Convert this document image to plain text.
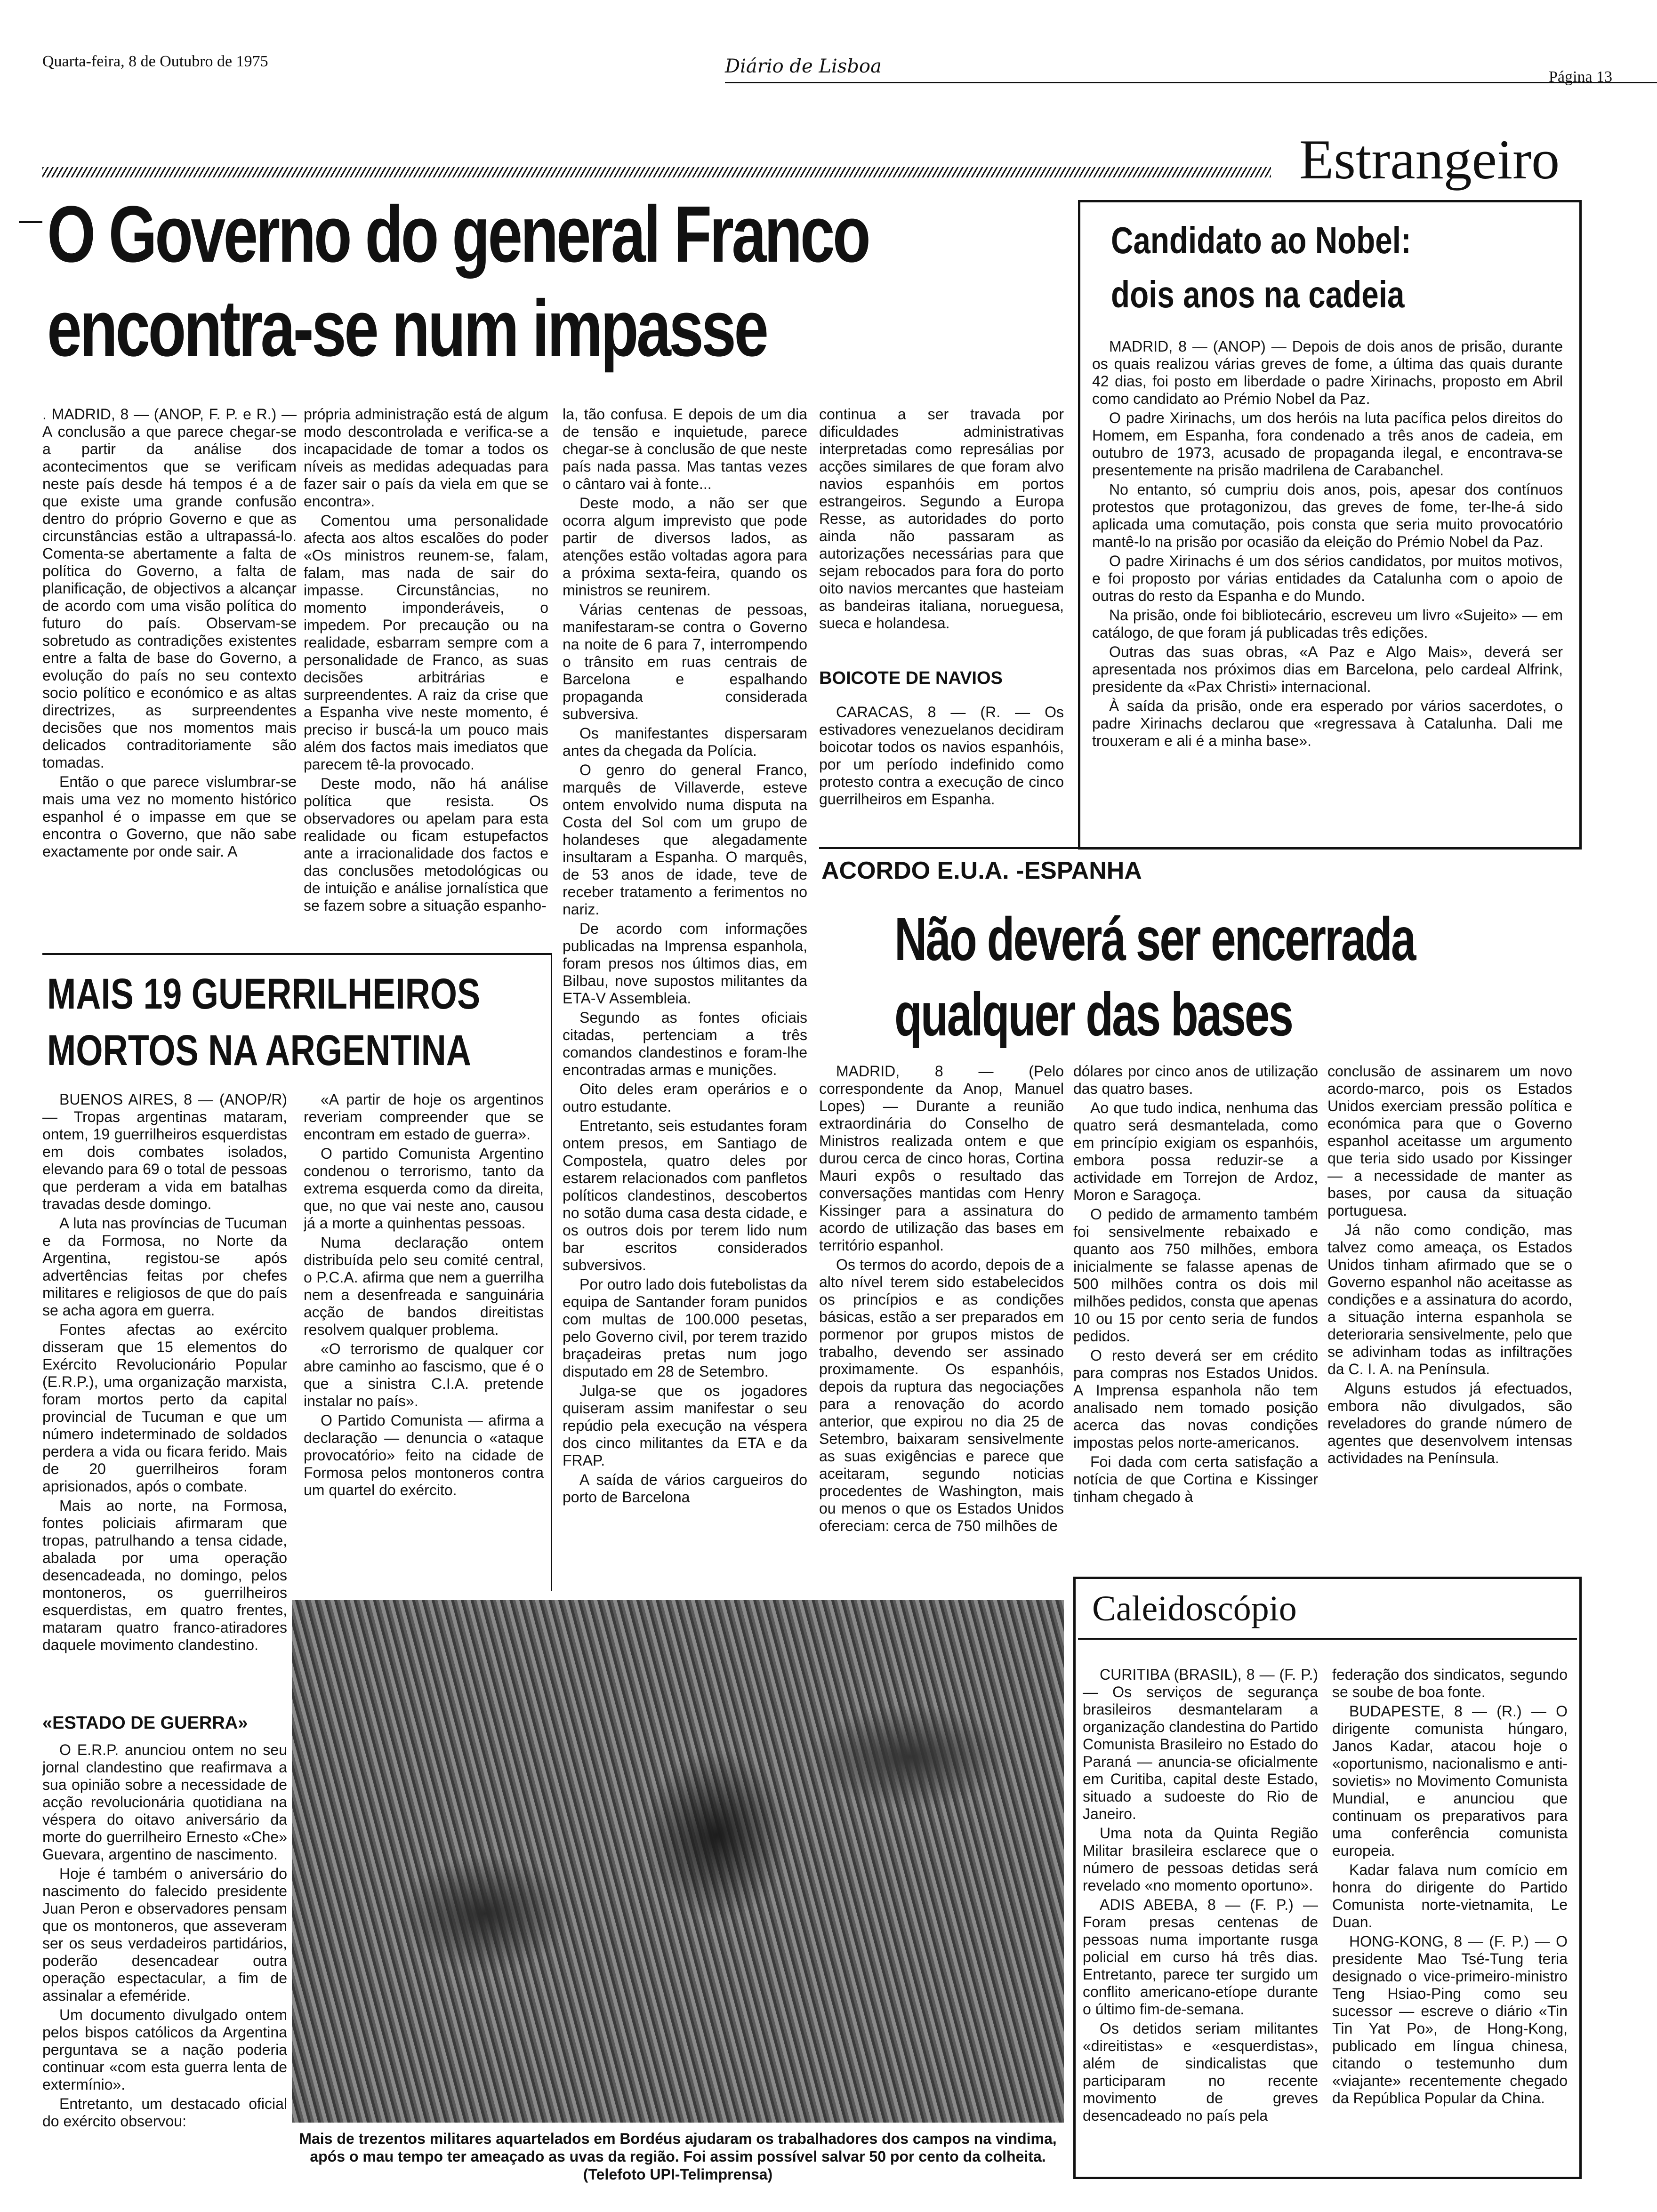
Quarta-feira, 8 de Outubro de 1975	Diário de Lisboa	Página 13
Estrangeiro
O Governo do general Franco
encontra-se num impasse

. MADRID, 8 — (ANOP, F. P. e R.) — A conclusão a que parece chegar-se a partir da análise dos acontecimentos que se verificam neste país desde há tempos é a de que existe uma grande confusão dentro do próprio Governo e que as circunstâncias estão a ultrapassá-lo. Comenta-se abertamente a falta de política do Governo, a falta de planificação, de objectivos a alcançar de acordo com uma visão política do futuro do país. Observam-se sobretudo as contradições existentes entre a falta de base do Governo, a evolução do país no seu contexto socio político e económico e as altas directrizes, as surpreendentes decisões que nos momentos mais delicados contraditoriamente são tomadas.

Então o que parece vislumbrar-se mais uma vez no momento histórico espanhol é o impasse em que se encontra o Governo, que não sabe exactamente por onde sair. A

própria administração está de algum modo descontrolada e verifica-se a incapacidade de tomar a todos os níveis as medidas adequadas para fazer sair o país da viela em que se encontra».

Comentou uma personalidade afecta aos altos escalões do poder «Os ministros reunem-se, falam, falam, mas nada de sair do impasse. Circunstâncias, no momento imponderáveis, o impedem. Por precaução ou na realidade, esbarram sempre com a personalidade de Franco, as suas decisões arbitrárias e surpreendentes. A raiz da crise que a Espanha vive neste momento, é preciso ir buscá-la um pouco mais além dos factos mais imediatos que parecem tê-la provocado.

Deste modo, não há análise política que resista. Os observadores ou apelam para esta realidade ou ficam estupefactos ante a irracionalidade dos factos e das conclusões metodológicas ou de intuição e análise jornalística que se fazem sobre a situação espanho-

la, tão confusa. E depois de um dia de tensão e inquietude, parece chegar-se à conclusão de que neste país nada passa. Mas tantas vezes o cântaro vai à fonte...

Deste modo, a não ser que ocorra algum imprevisto que pode partir de diversos lados, as atenções estão voltadas agora para a próxima sexta-feira, quando os ministros se reunirem.

Várias centenas de pessoas, manifestaram-se contra o Governo na noite de 6 para 7, interrompendo o trânsito em ruas centrais de Barcelona e espalhando propaganda considerada subversiva.

Os manifestantes dispersaram antes da chegada da Polícia.

O genro do general Franco, marquês de Villaverde, esteve ontem envolvido numa disputa na Costa del Sol com um grupo de holandeses que alegadamente insultaram a Espanha. O marquês, de 53 anos de idade, teve de receber tratamento a ferimentos no nariz.

De acordo com informações publicadas na Imprensa espanhola, foram presos nos últimos dias, em Bilbau, nove supostos militantes da ETA-V Assembleia.

Segundo as fontes oficiais citadas, pertenciam a três comandos clandestinos e foram-lhe encontradas armas e munições.

Oito deles eram operários e o outro estudante.

Entretanto, seis estudantes foram ontem presos, em Santiago de Compostela, quatro deles por estarem relacionados com panfletos políticos clandestinos, descobertos no sotão duma casa desta cidade, e os outros dois por terem lido num bar escritos considerados subversivos.

Por outro lado dois futebolistas da equipa de Santander foram punidos com multas de 100.000 pesetas, pelo Governo civil, por terem trazido braçadeiras pretas num jogo disputado em 28 de Setembro.

Julga-se que os jogadores quiseram assim manifestar o seu repúdio pela execução na véspera dos cinco militantes da ETA e da FRAP.

A saída de vários cargueiros do porto de Barcelona

continua a ser travada por dificuldades administrativas interpretadas como represálias por acções similares de que foram alvo navios espanhóis em portos estrangeiros. Segundo a Europa Resse, as autoridades do porto ainda não passaram as autorizações necessárias para que sejam rebocados para fora do porto oito navios mercantes que hasteiam as bandeiras italiana, norueguesa, sueca e holandesa.

BOICOTE DE NAVIOS

CARACAS, 8 — (R. — Os estivadores venezuelanos decidiram boicotar todos os navios espanhóis, por um período indefinido como protesto contra a execução de cinco guerrilheiros em Espanha.

Candidato ao Nobel:
dois anos na cadeia

MADRID, 8 — (ANOP) — Depois de dois anos de prisão, durante os quais realizou várias greves de fome, a última das quais durante 42 dias, foi posto em liberdade o padre Xirinachs, proposto em Abril como candidato ao Prémio Nobel da Paz.

O padre Xirinachs, um dos heróis na luta pacífica pelos direitos do Homem, em Espanha, fora condenado a três anos de cadeia, em outubro de 1973, acusado de propaganda ilegal, e encontrava-se presentemente na prisão madrilena de Carabanchel.

No entanto, só cumpriu dois anos, pois, apesar dos contínuos protestos que protagonizou, das greves de fome, ter-lhe-á sido aplicada uma comutação, pois consta que seria muito provocatório mantê-lo na prisão por ocasião da eleição do Prémio Nobel da Paz.

O padre Xirinachs é um dos sérios candidatos, por muitos motivos, e foi proposto por várias entidades da Catalunha com o apoio de outras do resto da Espanha e do Mundo.

Na prisão, onde foi bibliotecário, escreveu um livro «Sujeito» — em catálogo, de que foram já publicadas três edições.

Outras das suas obras, «A Paz e Algo Mais», deverá ser apresentada nos próximos dias em Barcelona, pelo cardeal Alfrink, presidente da «Pax Christi» internacional.

À saída da prisão, onde era esperado por vários sacerdotes, o padre Xirinachs declarou que «regressava à Catalunha. Dali me trouxeram e ali é a minha base».

ACORDO E.U.A. -ESPANHA
Não deverá ser encerrada
qualquer das bases

MADRID, 8 — (Pelo correspondente da Anop, Manuel Lopes) — Durante a reunião extraordinária do Conselho de Ministros realizada ontem e que durou cerca de cinco horas, Cortina Mauri expôs o resultado das conversações mantidas com Henry Kissinger para a assinatura do acordo de utilização das bases em território espanhol.

Os termos do acordo, depois de a alto nível terem sido estabelecidos os princípios e as condições básicas, estão a ser preparados em pormenor por grupos mistos de trabalho, devendo ser assinado proximamente. Os espanhóis, depois da ruptura das negociações para a renovação do acordo anterior, que expirou no dia 25 de Setembro, baixaram sensivelmente as suas exigências e parece que aceitaram, segundo noticias procedentes de Washington, mais ou menos o que os Estados Unidos ofereciam: cerca de 750 milhões de

dólares por cinco anos de utilização das quatro bases.

Ao que tudo indica, nenhuma das quatro será desmantelada, como em princípio exigiam os espanhóis, embora possa reduzir-se a actividade em Torrejon de Ardoz, Moron e Saragoça.

O pedido de armamento também foi sensivelmente rebaixado e quanto aos 750 milhões, embora inicialmente se falasse apenas de 500 milhões contra os dois mil milhões pedidos, consta que apenas 10 ou 15 por cento seria de fundos pedidos.

O resto deverá ser em crédito para compras nos Estados Unidos. A Imprensa espanhola não tem analisado nem tomado posição acerca das novas condições impostas pelos norte-americanos.

Foi dada com certa satisfação a notícia de que Cortina e Kissinger tinham chegado à

conclusão de assinarem um novo acordo-marco, pois os Estados Unidos exerciam pressão política e económica para que o Governo espanhol aceitasse um argumento que teria sido usado por Kissinger — a necessidade de manter as bases, por causa da situação portuguesa.

Já não como condição, mas talvez como ameaça, os Estados Unidos tinham afirmado que se o Governo espanhol não aceitasse as condições e a assinatura do acordo, a situação interna espanhola se deterioraria sensivelmente, pelo que se adivinham todas as infiltrações da C. I. A. na Península.

Alguns estudos já efectuados, embora não divulgados, são reveladores do grande número de agentes que desenvolvem intensas actividades na Península.

MAIS 19 GUERRILHEIROS
MORTOS NA ARGENTINA

BUENOS AIRES, 8 — (ANOP/R) — Tropas argentinas mataram, ontem, 19 guerrilheiros esquerdistas em dois combates isolados, elevando para 69 o total de pessoas que perderam a vida em batalhas travadas desde domingo.

A luta nas províncias de Tucuman e da Formosa, no Norte da Argentina, registou-se após advertências feitas por chefes militares e religiosos de que do país se acha agora em guerra.

Fontes afectas ao exército disseram que 15 elementos do Exército Revolucionário Popular (E.R.P.), uma organização marxista, foram mortos perto da capital provincial de Tucuman e que um número indeterminado de soldados perdera a vida ou ficara ferido. Mais de 20 guerrilheiros foram aprisionados, após o combate.

Mais ao norte, na Formosa, fontes policiais afirmaram que tropas, patrulhando a tensa cidade, abalada por uma operação desencadeada, no domingo, pelos montoneros, os guerrilheiros esquerdistas, em quatro frentes, mataram quatro franco-atiradores daquele movimento clandestino.

«ESTADO DE GUERRA»

O E.R.P. anunciou ontem no seu jornal clandestino que reafirmava a sua opinião sobre a necessidade de acção revolucionária quotidiana na véspera do oitavo aniversário da morte do guerrilheiro Ernesto «Che» Guevara, argentino de nascimento.

Hoje é também o aniversário do nascimento do falecido presidente Juan Peron e observadores pensam que os montoneros, que asseveram ser os seus verdadeiros partidários, poderão desencadear outra operação espectacular, a fim de assinalar a efeméride.

Um documento divulgado ontem pelos bispos católicos da Argentina perguntava se a nação poderia continuar «com esta guerra lenta de extermínio».

Entretanto, um destacado oficial do exército observou:

«A partir de hoje os argentinos reveriam compreender que se encontram em estado de guerra».

O partido Comunista Argentino condenou o terrorismo, tanto da extrema esquerda como da direita, que, no que vai neste ano, causou já a morte a quinhentas pessoas.

Numa declaração ontem distribuída pelo seu comité central, o P.C.A. afirma que nem a guerrilha nem a desenfreada e sanguinária acção de bandos direitistas resolvem qualquer problema.

«O terrorismo de qualquer cor abre caminho ao fascismo, que é o que a sinistra C.I.A. pretende instalar no país».

O Partido Comunista — afirma a declaração — denuncia o «ataque provocatório» feito na cidade de Formosa pelos montoneros contra um quartel do exército.

Mais de trezentos militares aquartelados em Bordéus ajudaram os trabalhadores dos campos na vindima, após o mau tempo ter ameaçado as uvas da região. Foi assim possível salvar 50 por cento da colheita. (Telefoto UPI-Telimprensa)
Caleidoscópio

CURITIBA (BRASIL), 8 — (F. P.) — Os serviços de segurança brasileiros desmantelaram a organização clandestina do Partido Comunista Brasileiro no Estado do Paraná — anuncia-se oficialmente em Curitiba, capital deste Estado, situado a sudoeste do Rio de Janeiro.

Uma nota da Quinta Região Militar brasileira esclarece que o número de pessoas detidas será revelado «no momento oportuno».

ADIS ABEBA, 8 — (F. P.) — Foram presas centenas de pessoas numa importante rusga policial em curso há três dias. Entretanto, parece ter surgido um conflito americano-etíope durante o último fim-de-semana.

Os detidos seriam militantes «direitistas» e «esquerdistas», além de sindicalistas que participaram no recente movimento de greves desencadeado no país pela

federação dos sindicatos, segundo se soube de boa fonte.

BUDAPESTE, 8 — (R.) — O dirigente comunista húngaro, Janos Kadar, atacou hoje o «oportunismo, nacionalismo e anti-sovietis» no Movimento Comunista Mundial, e anunciou que continuam os preparativos para uma conferência comunista europeia.

Kadar falava num comício em honra do dirigente do Partido Comunista norte-vietnamita, Le Duan.

HONG-KONG, 8 — (F. P.) — O presidente Mao Tsé-Tung teria designado o vice-primeiro-ministro Teng Hsiao-Ping como seu sucessor — escreve o diário «Tin Tin Yat Po», de Hong-Kong, publicado em língua chinesa, citando o testemunho dum «viajante» recentemente chegado da República Popular da China.
